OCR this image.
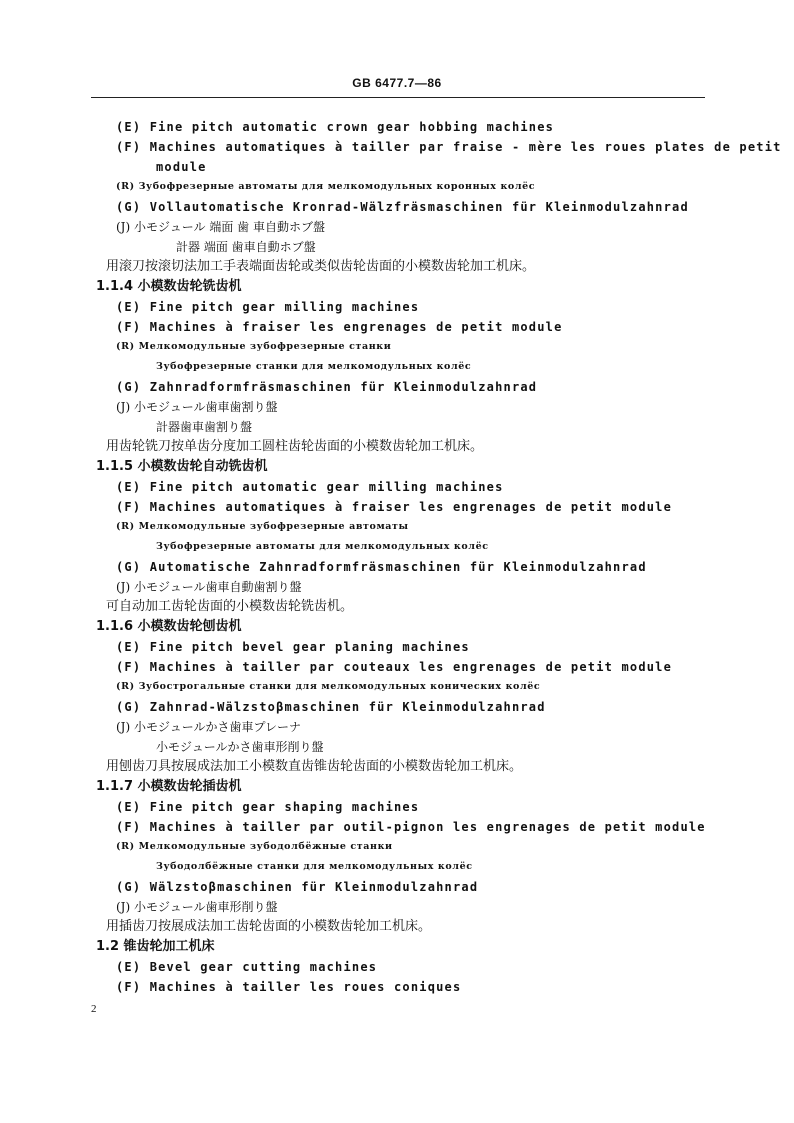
GB 6477.7—86
(E) Fine pitch automatic crown gear hobbing machines
(F) Machines automatiques à tailler par fraise - mère les roues plates de petit
module
(R) Зубофрезерные автоматы для мелкомодульных коронных колёс
(G) Vollautomatische Kronrad-Wälzfräsmaschinen für Kleinmodulzahnrad
(J) 小モジュール 端面 歯 車自動ホブ盤
計器 端面 歯車自動ホブ盤
用滚刀按滚切法加工手表端面齿轮或类似齿轮齿面的小模数齿轮加工机床。
1.1.4 小模数齿轮铣齿机
(E) Fine pitch gear milling machines
(F) Machines à fraiser les engrenages de petit module
(R) Мелкомодульные зубофрезерные станки
Зубофрезерные станки для мелкомодульных колёс
(G) Zahnradformfräsmaschinen für Kleinmodulzahnrad
(J) 小モジュール歯車歯割り盤
計器歯車歯割り盤
用齿轮铣刀按单齿分度加工圆柱齿轮齿面的小模数齿轮加工机床。
1.1.5 小模数齿轮自动铣齿机
(E) Fine pitch automatic gear milling machines
(F) Machines automatiques à fraiser les engrenages de petit module
(R) Мелкомодульные зубофрезерные автоматы
Зубофрезерные автоматы для мелкомодульных колёс
(G) Automatische Zahnradformfräsmaschinen für Kleinmodulzahnrad
(J) 小モジュール歯車自動歯割り盤
可自动加工齿轮齿面的小模数齿轮铣齿机。
1.1.6 小模数齿轮刨齿机
(E) Fine pitch bevel gear planing machines
(F) Machines à tailler par couteaux les engrenages de petit module
(R) Зубострогальные станки для мелкомодульных конических колёс
(G) Zahnrad-Wälzstoβmaschinen für Kleinmodulzahnrad
(J) 小モジュールかさ歯車プレーナ
小モジュールかさ歯車形削り盤
用刨齿刀具按展成法加工小模数直齿锥齿轮齿面的小模数齿轮加工机床。
1.1.7 小模数齿轮插齿机
(E) Fine pitch gear shaping machines
(F) Machines à tailler par outil-pignon les engrenages de petit module
(R) Мелкомодульные зубодолбёжные станки
Зубодолбёжные станки для мелкомодульных колёс
(G) Wälzstoβmaschinen für Kleinmodulzahnrad
(J) 小モジュール歯車形削り盤
用插齿刀按展成法加工齿轮齿面的小模数齿轮加工机床。
1.2 锥齿轮加工机床
(E) Bevel gear cutting machines
(F) Machines à tailler les roues coniques
2
